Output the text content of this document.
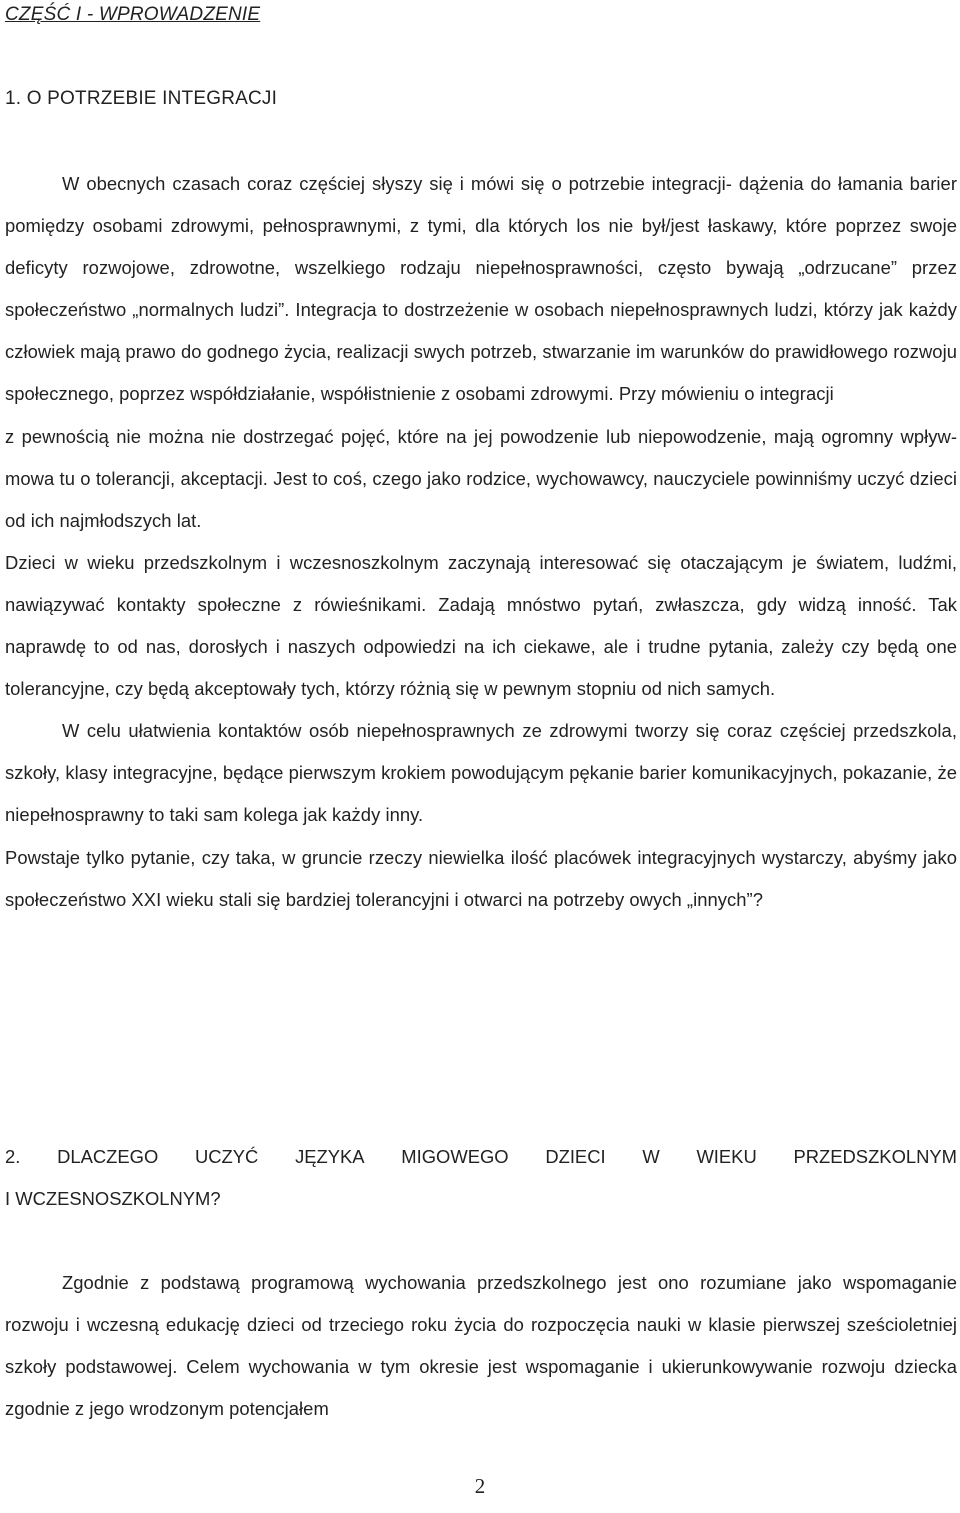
CZĘŚĆ I - WPROWADZENIE
1. O POTRZEBIE INTEGRACJI

W obecnych czasach coraz częściej słyszy się i mówi się o potrzebie integracji- dążenia do łamania barier pomiędzy osobami zdrowymi, pełnosprawnymi, z tymi, dla których los nie był/jest łaskawy, które poprzez swoje deficyty rozwojowe, zdrowotne, wszelkiego rodzaju niepełnosprawności, często bywają „odrzucane” przez społeczeństwo „normalnych ludzi”. Integracja to dostrzeżenie w osobach niepełnosprawnych ludzi, którzy jak każdy człowiek mają prawo do godnego życia, realizacji swych potrzeb, stwarzanie im warunków do prawidłowego rozwoju społecznego, poprzez współdziałanie, współistnienie z osobami zdrowymi. Przy mówieniu o integracji

z pewnością nie można nie dostrzegać pojęć, które na jej powodzenie lub niepowodzenie, mają ogromny wpływ- mowa tu o tolerancji, akceptacji. Jest to coś, czego jako rodzice, wychowawcy, nauczyciele powinniśmy uczyć dzieci od ich najmłodszych lat.

Dzieci w wieku przedszkolnym i wczesnoszkolnym zaczynają interesować się otaczającym je światem, ludźmi, nawiązywać kontakty społeczne z rówieśnikami. Zadają mnóstwo pytań, zwłaszcza, gdy widzą inność. Tak naprawdę to od nas, dorosłych i naszych odpowiedzi na ich ciekawe, ale i trudne pytania, zależy czy będą one tolerancyjne, czy będą akceptowały tych, którzy różnią się w pewnym stopniu od nich samych.

W celu ułatwienia kontaktów osób niepełnosprawnych ze zdrowymi tworzy się coraz częściej przedszkola, szkoły, klasy integracyjne, będące pierwszym krokiem powodującym pękanie barier komunikacyjnych, pokazanie, że niepełnosprawny to taki sam kolega jak każdy inny.

Powstaje tylko pytanie, czy taka, w gruncie rzeczy niewielka ilość placówek integracyjnych wystarczy, abyśmy jako społeczeństwo XXI wieku stali się bardziej tolerancyjni i otwarci na potrzeby owych „innych”?

2. DLACZEGO UCZYĆ JĘZYKA MIGOWEGO DZIECI W WIEKU PRZEDSZKOLNYM
I WCZESNOSZKOLNYM?

Zgodnie z podstawą programową wychowania przedszkolnego jest ono rozumiane jako wspomaganie rozwoju i wczesną edukację dzieci od trzeciego roku życia do rozpoczęcia nauki w klasie pierwszej sześcioletniej szkoły podstawowej. Celem wychowania w tym okresie jest wspomaganie i ukierunkowywanie rozwoju dziecka zgodnie z jego wrodzonym potencjałem

2
